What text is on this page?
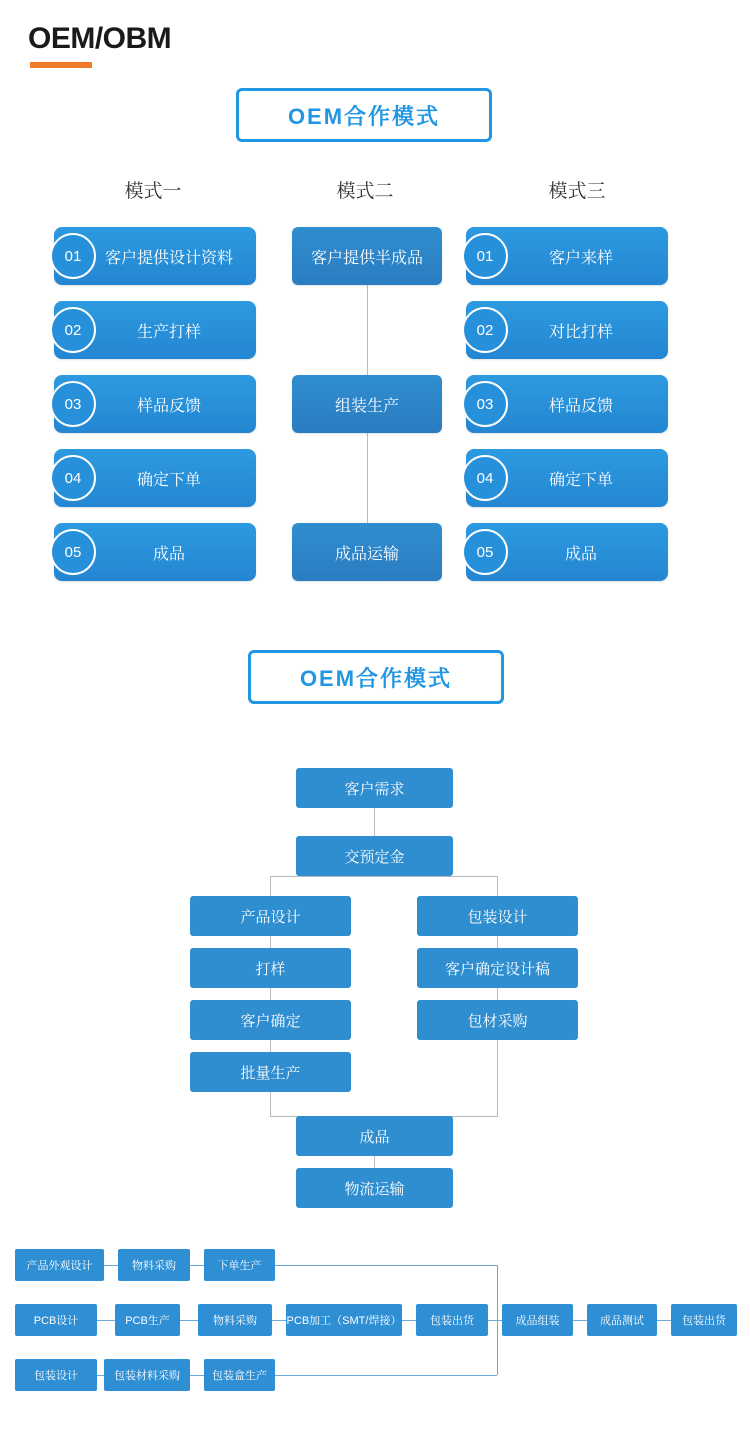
OEM/OBM
OEM合作模式
模式一	模式二	模式三
01	客户提供设计资料
02	生产打样
03	样品反馈
04	确定下单
05	成品
客户提供半成品
组装生产
成品运输
01	客户来样
02	对比打样
03	样品反馈
04	确定下单
05	成品
OEM合作模式
客户需求
交预定金
产品设计
打样
客户确定
批量生产
包装设计
客户确定设计稿
包材采购
成品
物流运输
产品外观设计	物料采购	下单生产
PCB设计	PCB生产	物料采购	PCB加工（SMT/焊接）	包装出货	成品组装	成品测试	包装出货
包装设计	包装材料采购	包装盒生产
